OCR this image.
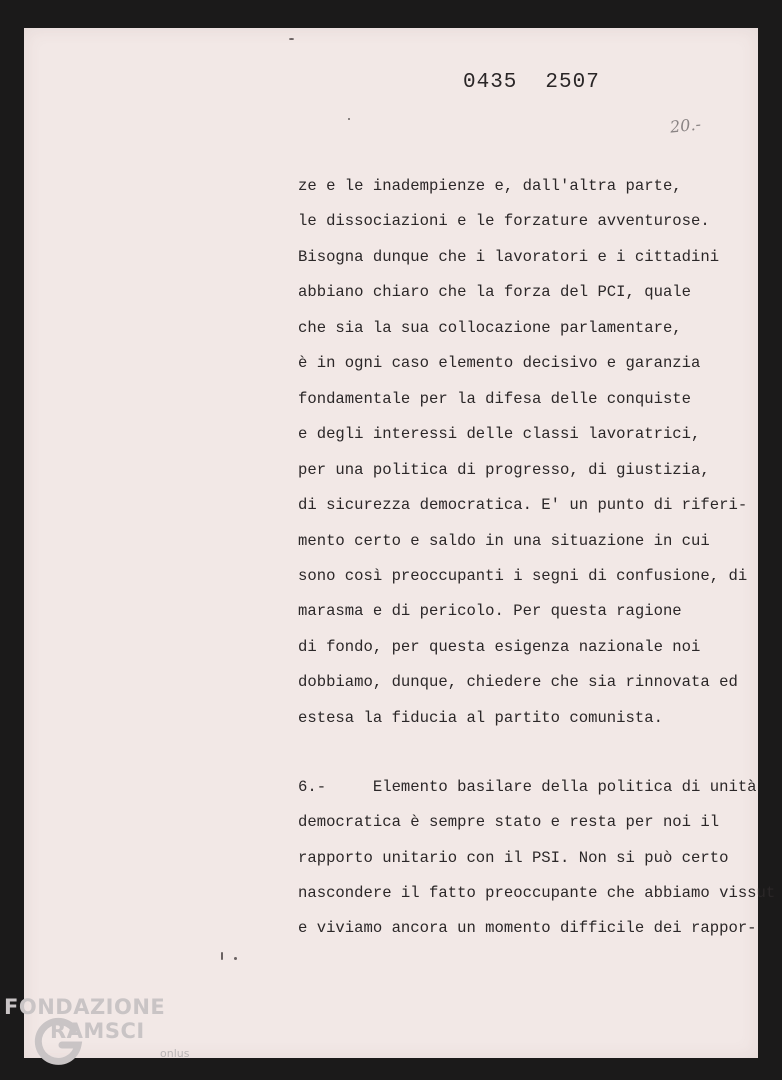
0435 2507
20.-
ze e le inadempienze e, dall'altra parte,
le dissociazioni e le forzature avventurose.
Bisogna dunque che i lavoratori e i cittadini
abbiano chiaro che la forza del PCI, quale
che sia la sua collocazione parlamentare,
è in ogni caso elemento decisivo e garanzia
fondamentale per la difesa delle conquiste
e degli interessi delle classi lavoratrici,
per una politica di progresso, di giustizia,
di sicurezza democratica. E' un punto di riferi-
mento certo e saldo in una situazione in cui
sono così preoccupanti i segni di confusione, di
marasma e di pericolo. Per questa ragione
di fondo, per questa esigenza nazionale noi
dobbiamo, dunque, chiedere che sia rinnovata ed
estesa la fiducia al partito comunista.
6.-     Elemento basilare della politica di unità
democratica è sempre stato e resta per noi il
rapporto unitario con il PSI. Non si può certo
nascondere il fatto preoccupante che abbiamo vissut
e viviamo ancora un momento difficile dei rappor-
FONDAZIONE
RAMSCI
onlus
